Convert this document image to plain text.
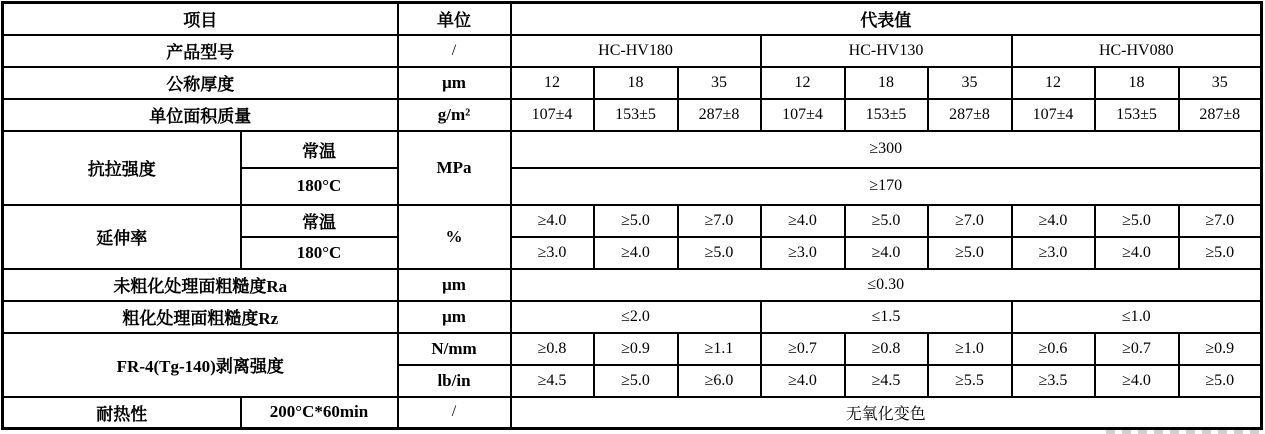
项目		单位	代表值								
产品型号		/	HC-HV180			HC-HV130			HC-HV080		
公称厚度		μm	12	18	35	12	18	35	12	18	35
单位面积质量		g/m²	107±4	153±5	287±8	107±4	153±5	287±8	107±4	153±5	287±8
抗拉强度	常温	MPa	≥300								
	180°C		≥170								
延伸率	常温	%	≥4.0	≥5.0	≥7.0	≥4.0	≥5.0	≥7.0	≥4.0	≥5.0	≥7.0
	180°C		≥3.0	≥4.0	≥5.0	≥3.0	≥4.0	≥5.0	≥3.0	≥4.0	≥5.0
未粗化处理面粗糙度Ra		μm	≤0.30								
粗化处理面粗糙度Rz		μm	≤2.0			≤1.5			≤1.0		
FR-4(Tg-140)剥离强度		N/mm	≥0.8	≥0.9	≥1.1	≥0.7	≥0.8	≥1.0	≥0.6	≥0.7	≥0.9
		lb/in	≥4.5	≥5.0	≥6.0	≥4.0	≥4.5	≥5.5	≥3.5	≥4.0	≥5.0
耐热性	200°C*60min	/	无氧化变色								
